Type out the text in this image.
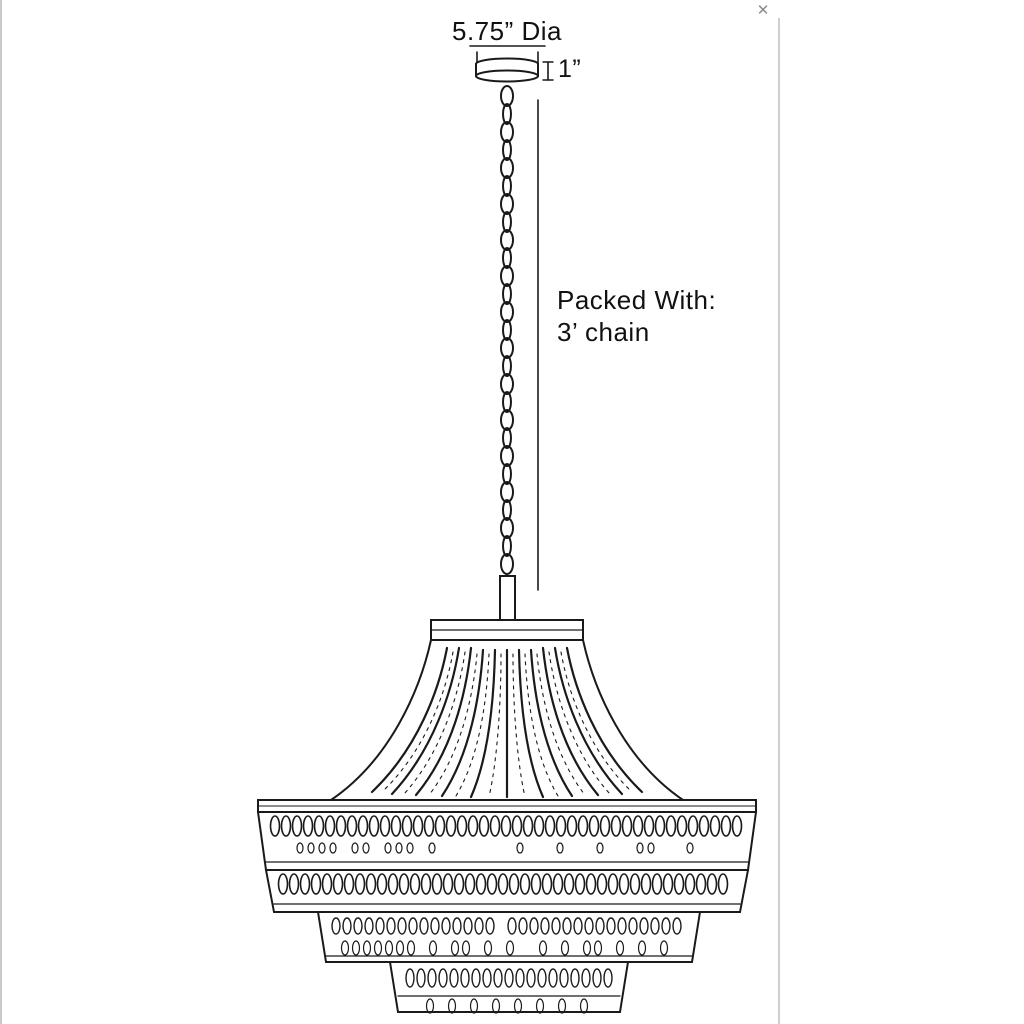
✕
5.75” Dia
1”
Packed With:
3’ chain
